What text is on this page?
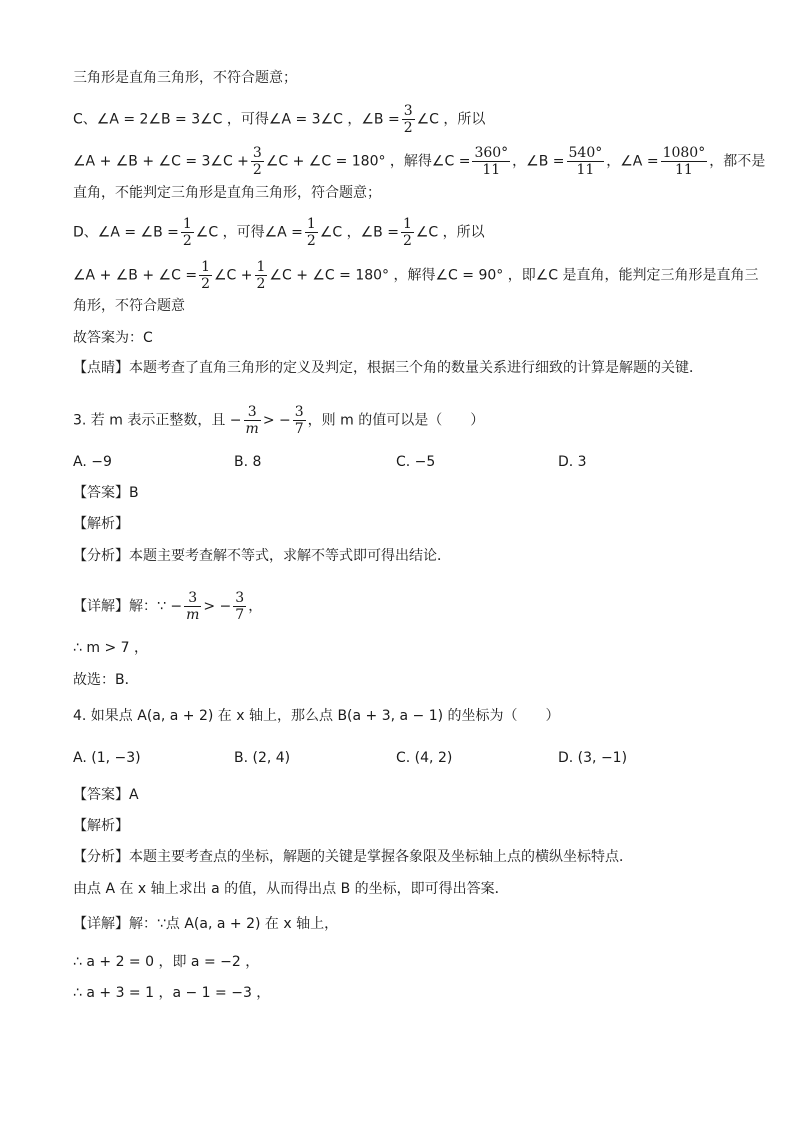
三角形是直角三角形，不符合题意；
C、∠A = 2∠B = 3∠C ，可得∠A = 3∠C ，∠B = $\frac{3}{2}$ ∠C ，所以
∠A + ∠B + ∠C = 3∠C + $\frac{3}{2}$ ∠C + ∠C = 180° ，解得∠C = $\frac{360^\circ}{11}$ ，∠B = $\frac{540^\circ}{11}$ ，∠A = $\frac{1080^\circ}{11}$ ，都不是
直角，不能判定三角形是直角三角形，符合题意；
D、∠A = ∠B = $\frac{1}{2}$ ∠C ，可得∠A = $\frac{1}{2}$ ∠C ，∠B = $\frac{1}{2}$ ∠C ，所以
∠A + ∠B + ∠C = $\frac{1}{2}$ ∠C + $\frac{1}{2}$ ∠C + ∠C = 180° ，解得∠C = 90° ，即∠C 是直角，能判定三角形是直角三
角形，不符合题意
故答案为：C
【点睛】本题考查了直角三角形的定义及判定，根据三个角的数量关系进行细致的计算是解题的关键．
3. 若 m 表示正整数，且 − $\frac{3}{m}$ > − $\frac{3}{7}$ ，则 m 的值可以是（　　）
A. −9	B. 8	C. −5	D. 3
【答案】B
【解析】
【分析】本题主要考查解不等式，求解不等式即可得出结论．
【详解】解：∵ − $\frac{3}{m}$ > − $\frac{3}{7}$ ，
∴ m > 7 ，
故选：B．
4. 如果点 A(a, a + 2) 在 x 轴上，那么点 B(a + 3, a − 1) 的坐标为（　　）
A. (1, −3)	B. (2, 4)	C. (4, 2)	D. (3, −1)
【答案】A
【解析】
【分析】本题主要考查点的坐标，解题的关键是掌握各象限及坐标轴上点的横纵坐标特点．
由点 A 在 x 轴上求出 a 的值，从而得出点 B 的坐标，即可得出答案．
【详解】解：∵点 A(a, a + 2) 在 x 轴上，
∴ a + 2 = 0 ，即 a = −2 ，
∴ a + 3 = 1 ，a − 1 = −3 ，
